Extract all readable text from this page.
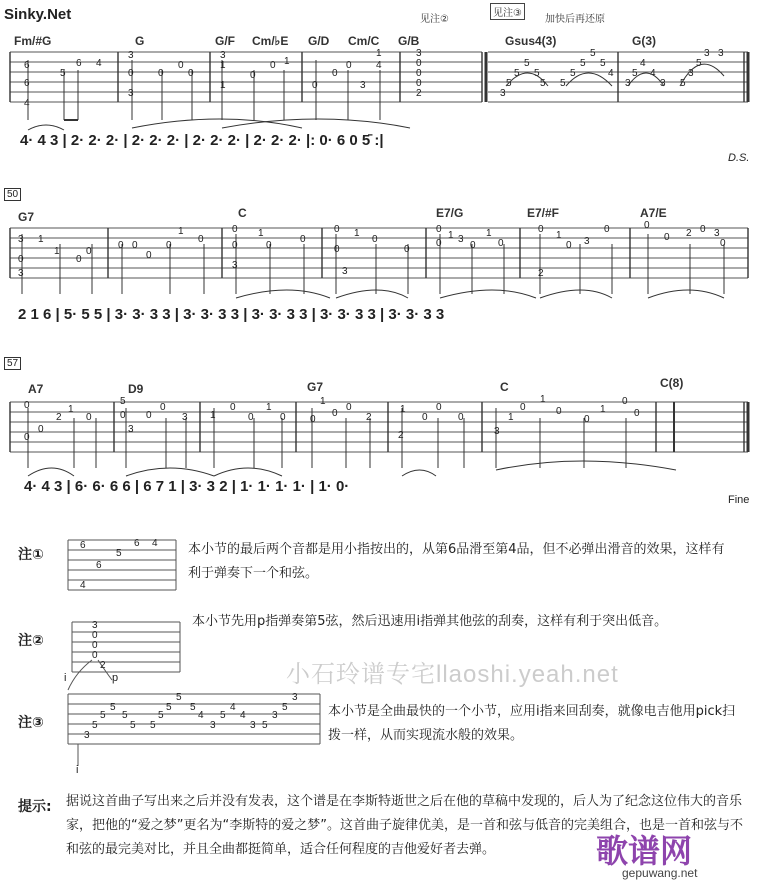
Sinky.Net	见注②
见注③
加快后再还原
Fm/#G	G	G/F Cm/♭E G/D Cm/C G/B	Gsus4(3)	G(3)
50
G7	C	E7/G	E7/#F	A7/E
57
A7	D9	G7	C	C(8)
6
6
4
5
6 4
3
0
3
0
0
0
3
1
1
0
0 1
0
0
0 4
1
3
3
0
0
0
2	3
5
5
5
5
5 5
5
5
5
5
4
3
5
4
4
3 5
3
5
3 3
3
0
3
1
1
0
0
0 0
0
0
1
0
0
0
3
1
0
0
0
0
3
1
0
0
0
0
1 3
0
1
0
0
2
1
0 3
0	0
0 2 0 3
0
0
0
0
2
1
0
5
0
3
0
0
3 1
0
0
1
0 0
1
0
0
2
2
1
0
0
0
3
1
0
1
0
0
1
0
0
6
6
4
5
6 4
3
0
0
0
2
3
5
5
5
5
5 5
5
5
5
5
4
3
5
4
4
3 5
3
5
3
4· 4 3 | 2· 2· 2· | 2· 2· 2· | 2· 2· 2· | 2· 2· 2· |: 0· 6 0 5̄ :|
D.S.
2 1 6 | 5· 5 5 | 3· 3· 3 3 | 3· 3· 3 3 | 3· 3· 3 3 | 3· 3· 3 3 | 3· 3· 3 3
4· 4 3 | 6· 6· 6 6 | 6 7 1 | 3· 3 2 | 1· 1· 1· 1· | 1· 0·
Fine
注①	本小节的最后两个音都是用小指按出的，从第6品滑至第4品，但不必弹出滑音的效果，这样有利于弹奏下一个和弦。
注②
本小节先用p指弹奏第5弦，然后迅速用i指弹其他弦的刮奏，这样有利于突出低音。
i	p	小石玲谱专宅llaoshi.yeah.net
注③
本小节是全曲最快的一个小节，应用i指来回刮奏，就像电吉他用pick扫拨一样，从而实现流水般的效果。
i
提示: 据说这首曲子写出来之后并没有发表，这个谱是在李斯特逝世之后在他的草稿中发现的，后人为了纪念这位伟大的音乐家，把他的“爱之梦”更名为“李斯特的爱之梦”。这首曲子旋律优美，是一首和弦与低音的完美组合，也是一首和弦与不和弦的最完美对比，并且全曲都挺简单，适合任何程度的吉他爱好者去弹。	歌谱网
gepuwang.net
